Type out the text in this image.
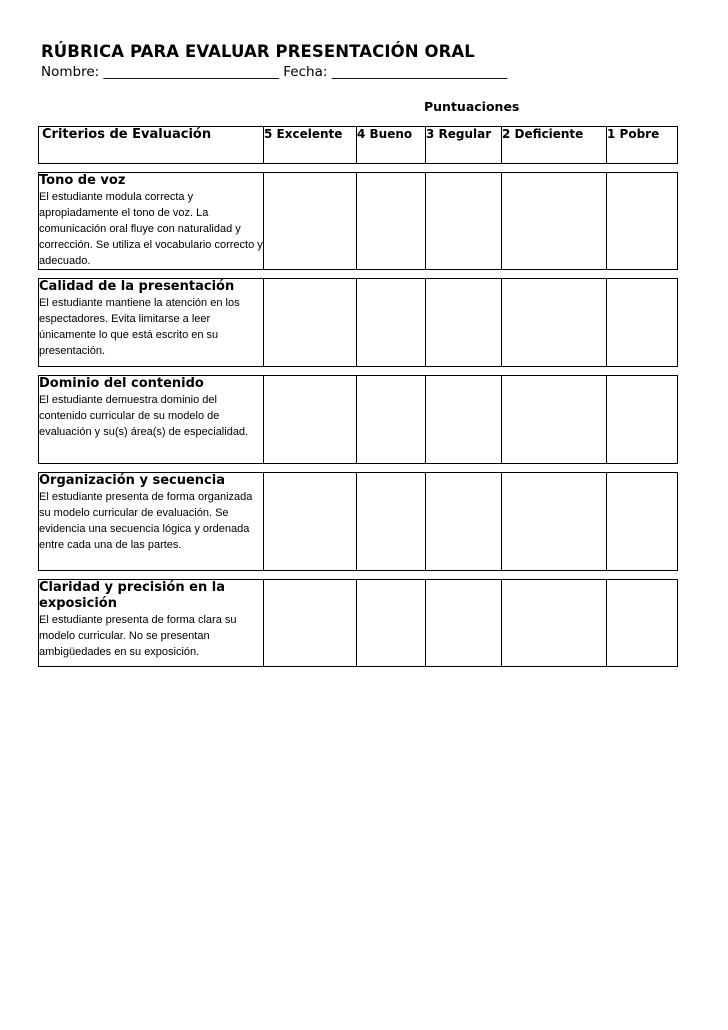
RÚBRICA PARA EVALUAR PRESENTACIÓN ORAL
Nombre: __________________________ Fecha: __________________________
Puntuaciones
Criterios de Evaluación	5 Excelente	4 Bueno	3 Regular	2 Deficiente	1 Pobre

Tono de voz
El estudiante modula correcta y apropiadamente el tono de voz. La comunicación oral fluye con naturalidad y corrección. Se utiliza el vocabulario correcto y adecuado.					

Calidad de la presentación
El estudiante mantiene la atención en los espectadores. Evita limitarse a leer únicamente lo que está escrito en su presentación.					

Dominio del contenido
El estudiante demuestra dominio del contenido curricular de su modelo de evaluación y su(s) área(s) de especialidad.					

Organización y secuencia
El estudiante presenta de forma organizada su modelo curricular de evaluación. Se evidencia una secuencia lógica y ordenada entre cada una de las partes.					

Claridad y precisión en la exposición
El estudiante presenta de forma clara su modelo curricular. No se presentan ambigüedades en su exposición.					
